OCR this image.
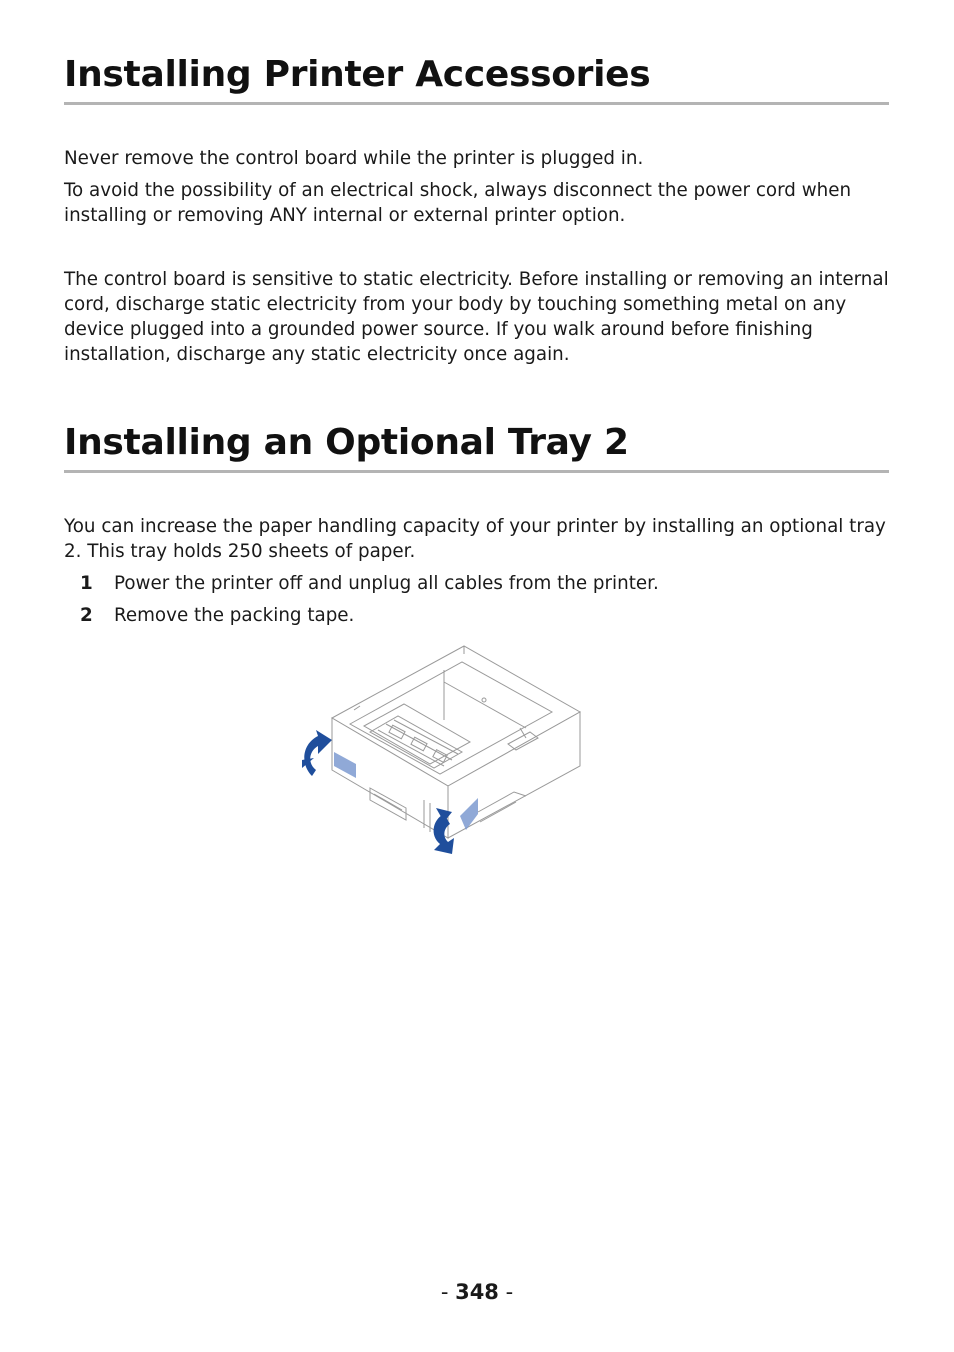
Installing Printer Accessories

Never remove the control board while the printer is plugged in.

To avoid the possibility of an electrical shock, always disconnect the power cord when installing or removing ANY internal or external printer option.

The control board is sensitive to static electricity. Before installing or removing an internal cord, discharge static electricity from your body by touching something metal on any device plugged into a grounded power source. If you walk around before finishing installation, discharge any static electricity once again.

Installing an Optional Tray 2

You can increase the paper handling capacity of your printer by installing an optional tray 2. This tray holds 250 sheets of paper.

1 Power the printer off and unplug all cables from the printer.
2 Remove the packing tape.
- 348 -
